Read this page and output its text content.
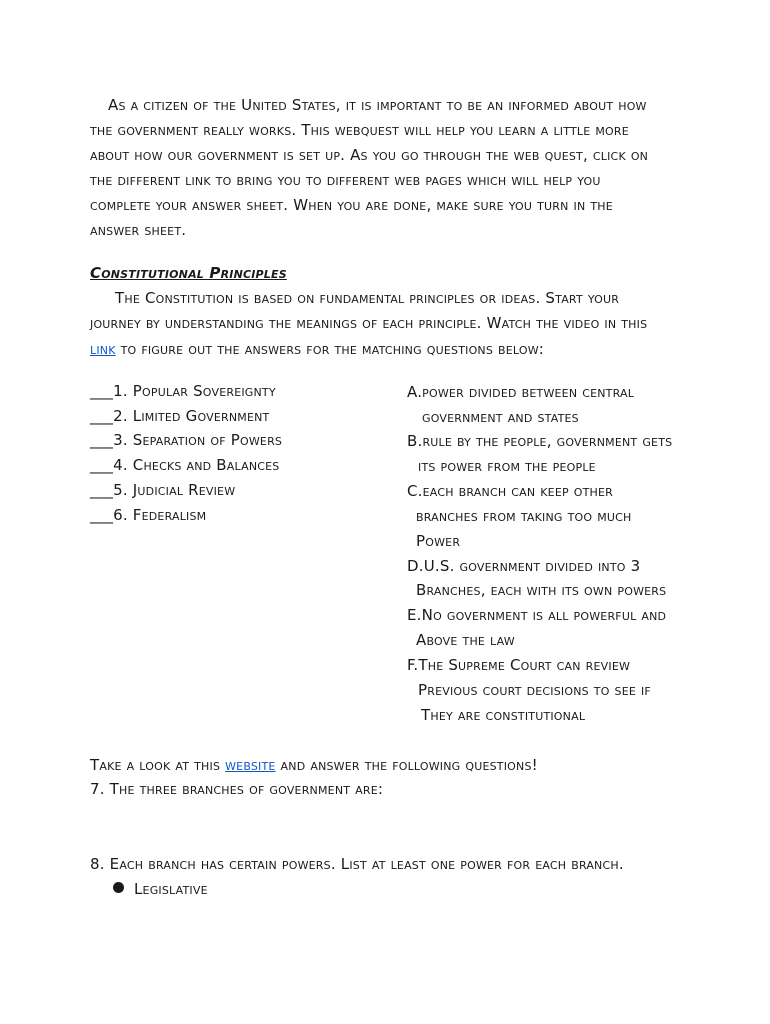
As a citizen of the United States, it is important to be an informed about how
the government really works. This webquest will help you learn a little more
about how our government is set up. As you go through the web quest, click on
the different link to bring you to different web pages which will help you
complete your answer sheet. When you are done, make sure you turn in the
answer sheet.
Constitutional Principles
The Constitution is based on fundamental principles or ideas. Start your
journey by understanding the meanings of each principle. Watch the video in this
link to figure out the answers for the matching questions below:
___1. Popular Sovereignty
___2. Limited Government
___3. Separation of Powers
___4. Checks and Balances
___5. Judicial Review
___6. Federalism
A.power divided between central
government and states
B.rule by the people, government gets
its power from the people
C.each branch can keep other
branches from taking too much
Power
D.U.S. government divided into 3
Branches, each with its own powers
E.No government is all powerful and
Above the law
F.The Supreme Court can review
Previous court decisions to see if
They are constitutional
Take a look at this website and answer the following questions!
7. The three branches of government are:
8. Each branch has certain powers. List at least one power for each branch.
Legislative
